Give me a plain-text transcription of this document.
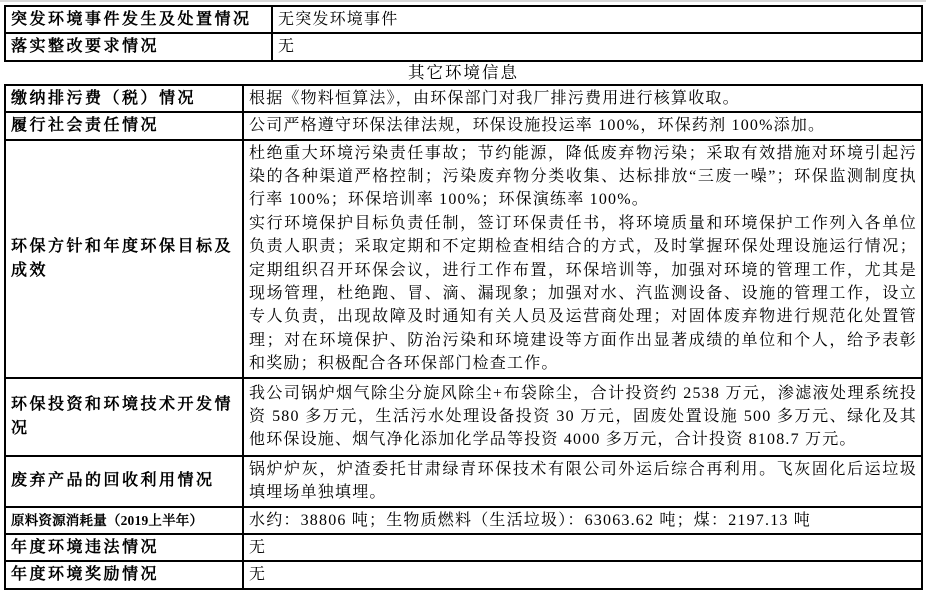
突发环境事件发生及处置情况	无突发环境事件
落实整改要求情况	无
其它环境信息
缴纳排污费（税）情况	根据《物料恒算法》，由环保部门对我厂排污费用进行核算收取。
履行社会责任情况	公司严格遵守环保法律法规，环保设施投运率 100%，环保药剂 100%添加。
环保方针和年度环保目标及成效	杜绝重大环境污染责任事故；节约能源，降低废弃物污染；采取有效措施对环境引起污染的各种渠道严格控制；污染废弃物分类收集、达标排放“三废一噪”；环保监测制度执行率 100%；环保培训率 100%；环保演练率 100%。

实行环境保护目标负责任制，签订环保责任书，将环境质量和环境保护工作列入各单位负责人职责；采取定期和不定期检查相结合的方式，及时掌握环保处理设施运行情况；定期组织召开环保会议，进行工作布置，环保培训等，加强对环境的管理工作，尤其是现场管理，杜绝跑、冒、滴、漏现象；加强对水、汽监测设备、设施的管理工作，设立专人负责，出现故障及时通知有关人员及运营商处理；对固体废弃物进行规范化处置管理；对在环境保护、防治污染和环境建设等方面作出显著成绩的单位和个人，给予表彰和奖励；积极配合各环保部门检查工作。

环保投资和环境技术开发情况	我公司锅炉烟气除尘分旋风除尘+布袋除尘，合计投资约 2538 万元，渗滤液处理系统投资 580 多万元，生活污水处理设备投资 30 万元，固废处置设施 500 多万元、绿化及其他环保设施、烟气净化添加化学品等投资 4000 多万元，合计投资 8108.7 万元。
废弃产品的回收利用情况	锅炉炉灰，炉渣委托甘肃绿青环保技术有限公司外运后综合再利用。飞灰固化后运垃圾填埋场单独填埋。
原料资源消耗量（2019上半年）	水约：38806 吨；生物质燃料（生活垃圾）：63063.62 吨；煤：2197.13 吨
年度环境违法情况	无
年度环境奖励情况	无
